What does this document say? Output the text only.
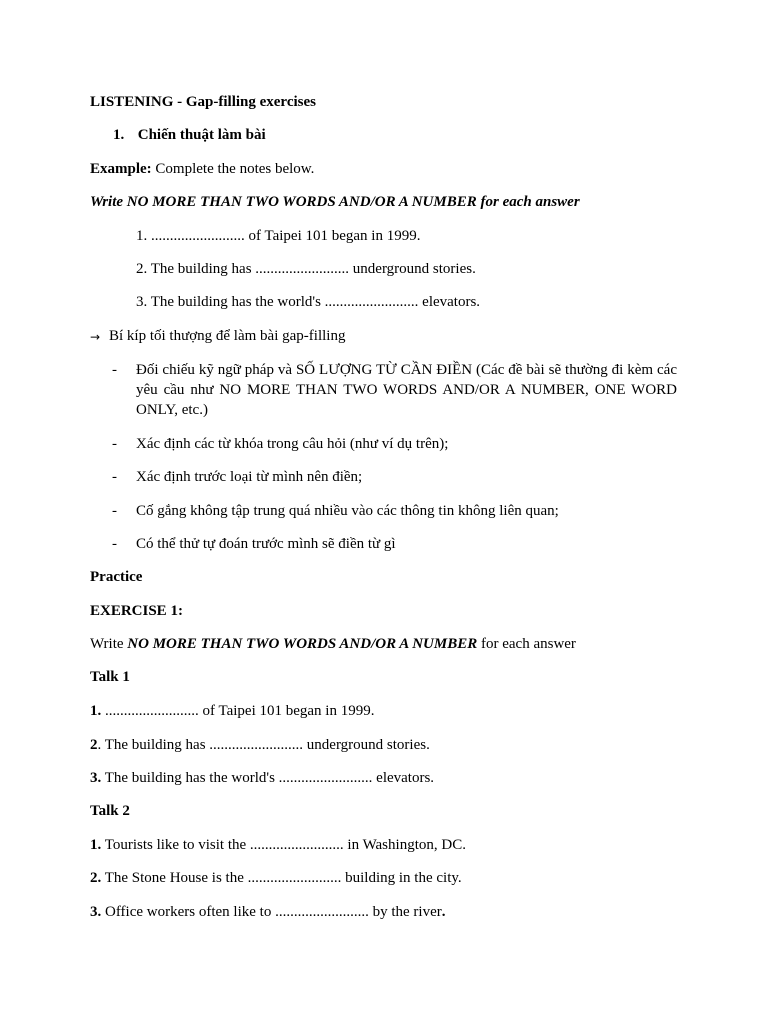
LISTENING - Gap-filling exercises
1. Chiến thuật làm bài
Example: Complete the notes below.
Write NO MORE THAN TWO WORDS AND/OR A NUMBER for each answer
1. ......................... of Taipei 101 began in 1999.
2. The building has ......................... underground stories.
3. The building has the world's ......................... elevators.
→ Bí kíp tối thượng để làm bài gap-filling
- Đối chiếu kỹ ngữ pháp và SỐ LƯỢNG TỪ CẦN ĐIỀN (Các đề bài sẽ thường đi kèm các yêu cầu như NO MORE THAN TWO WORDS AND/OR A NUMBER, ONE WORD ONLY, etc.)
- Xác định các từ khóa trong câu hỏi (như ví dụ trên);
- Xác định trước loại từ mình nên điền;
- Cố gắng không tập trung quá nhiều vào các thông tin không liên quan;
- Có thể thử tự đoán trước mình sẽ điền từ gì
Practice
EXERCISE 1:
Write NO MORE THAN TWO WORDS AND/OR A NUMBER for each answer
Talk 1
1. ......................... of Taipei 101 began in 1999.
2. The building has ......................... underground stories.
3. The building has the world's ......................... elevators.
Talk 2
1. Tourists like to visit the ......................... in Washington, DC.
2. The Stone House is the ......................... building in the city.
3. Office workers often like to ......................... by the river.
